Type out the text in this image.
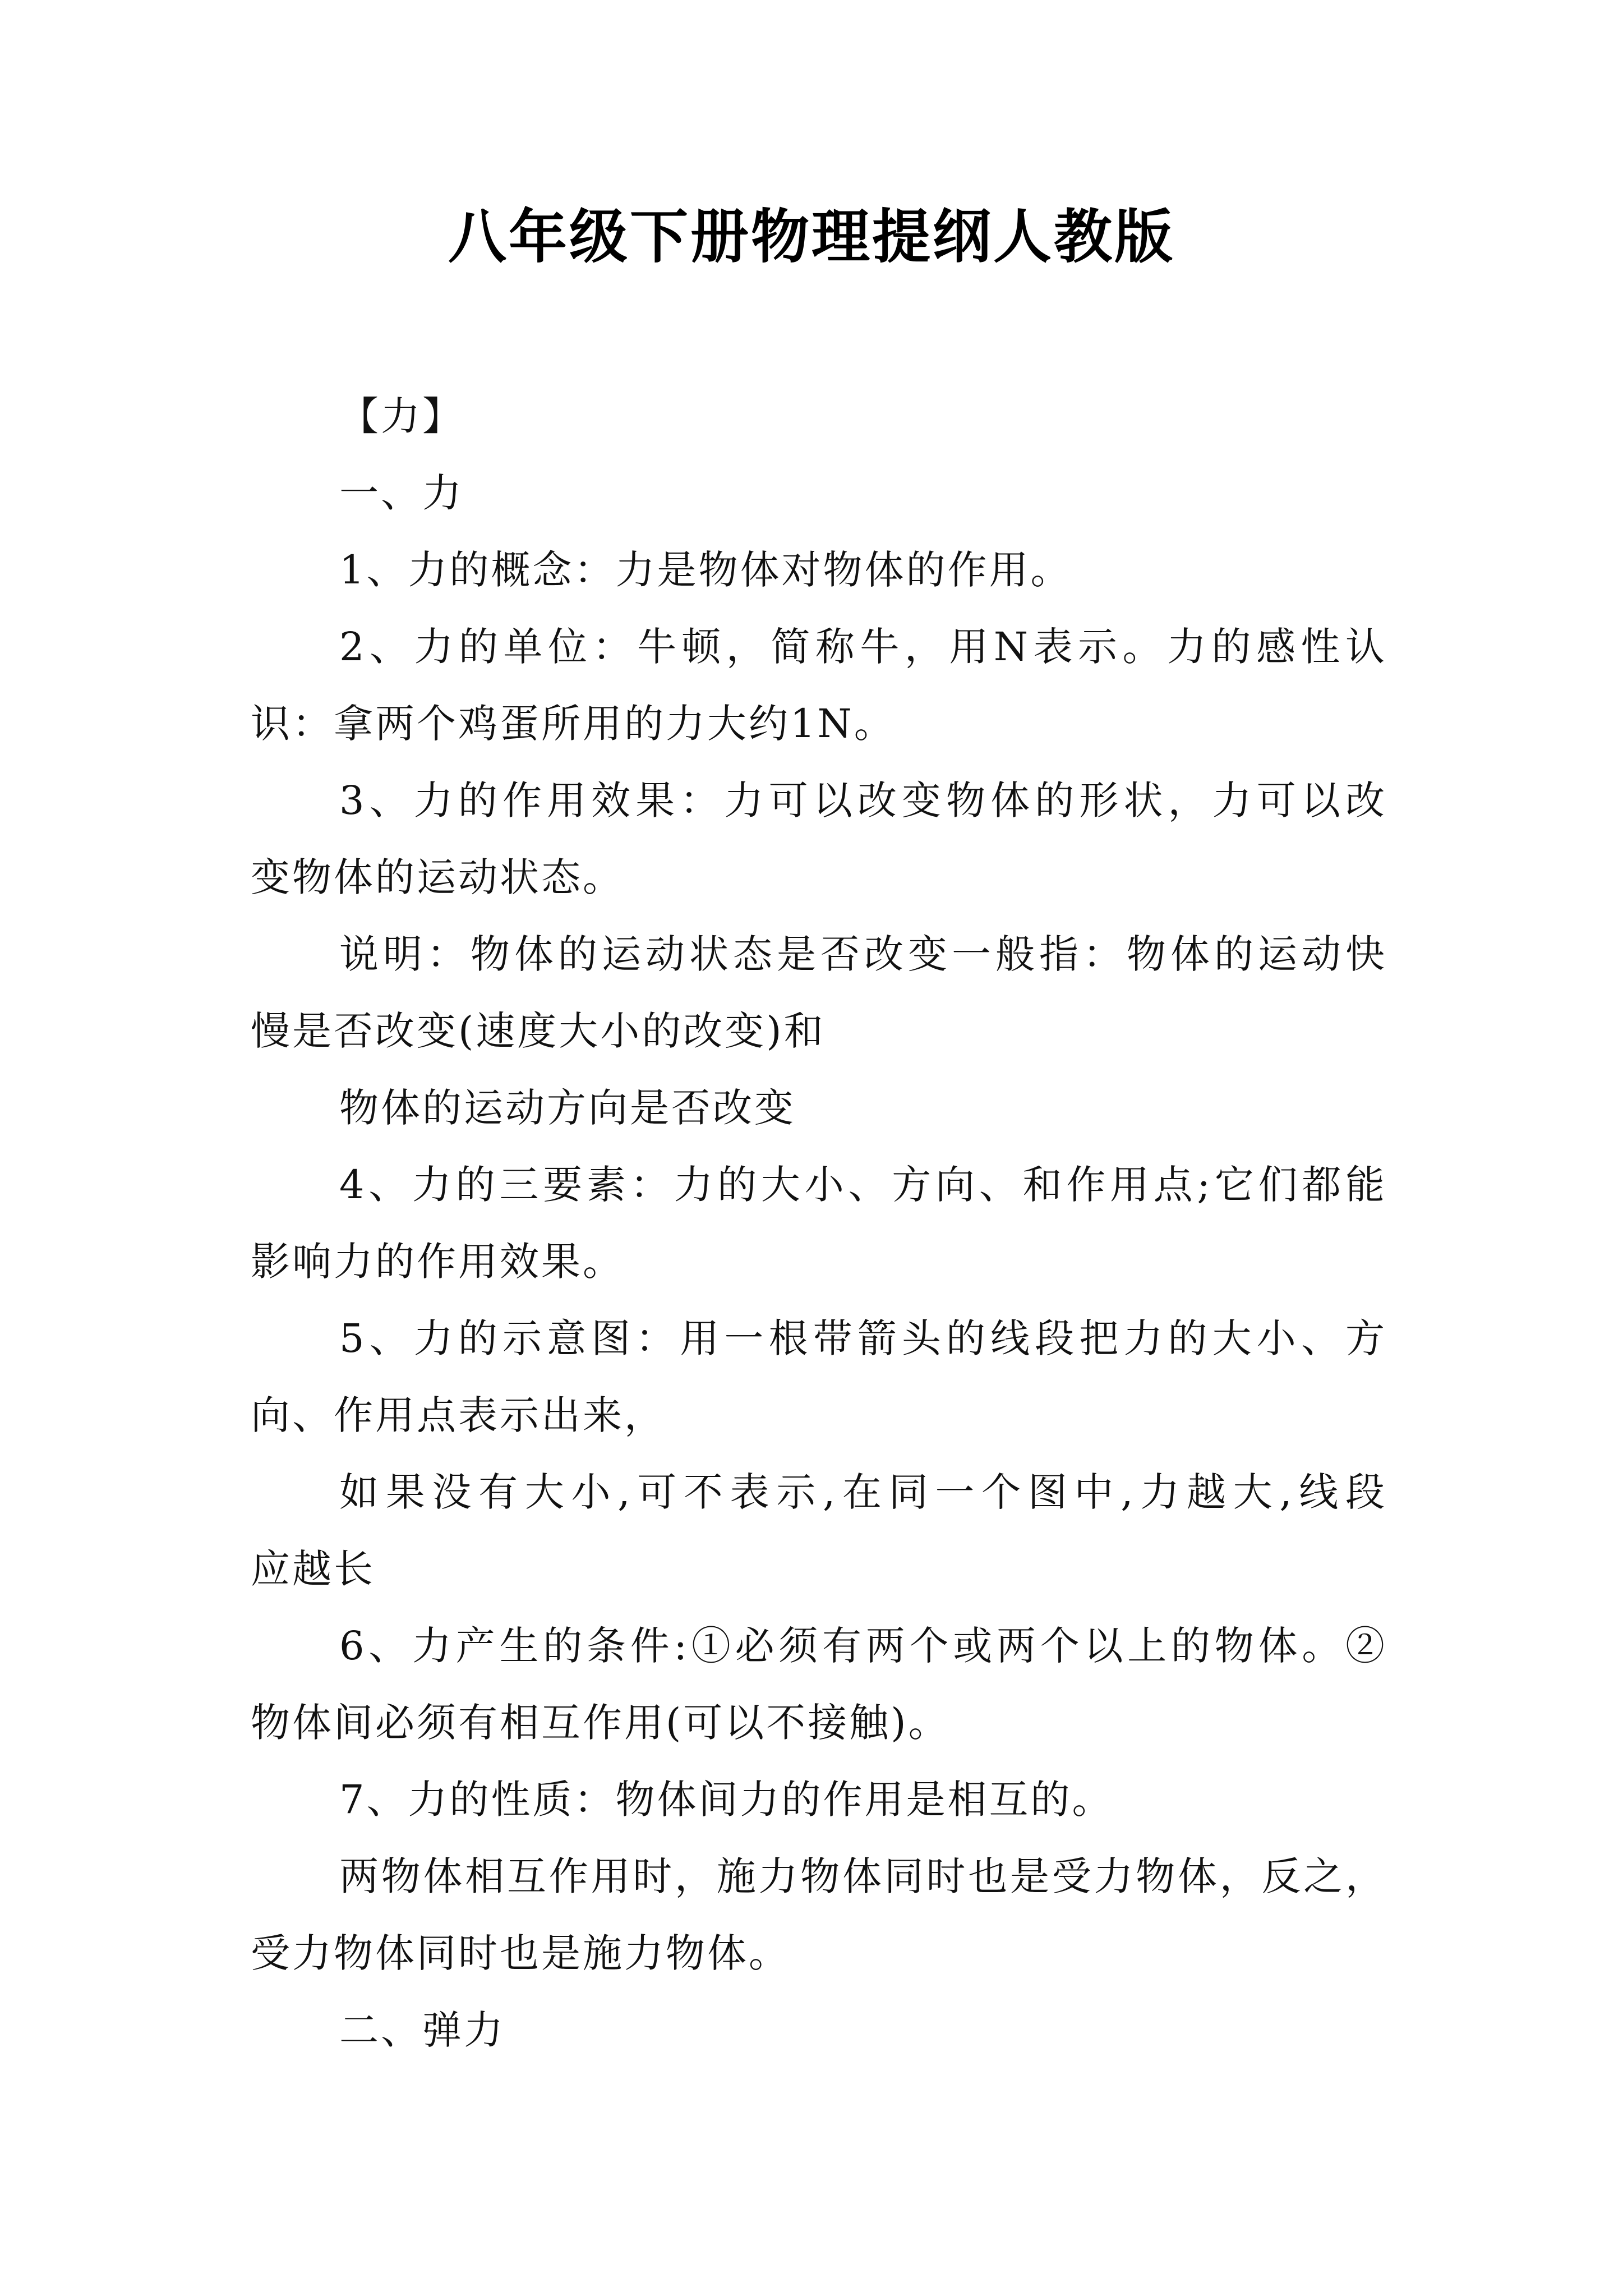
八年级下册物理提纲人教版
【力】
一、力
1、力的概念：力是物体对物体的作用。
2、力的单位：牛顿，简称牛，用N表示。力的感性认
识：拿两个鸡蛋所用的力大约1N。
3、力的作用效果：力可以改变物体的形状，力可以改
变物体的运动状态。
说明：物体的运动状态是否改变一般指：物体的运动快
慢是否改变(速度大小的改变)和
物体的运动方向是否改变
4、力的三要素：力的大小、方向、和作用点;它们都能
影响力的作用效果。
5、力的示意图：用一根带箭头的线段把力的大小、方
向、作用点表示出来，
如果没有大小,可不表示,在同一个图中,力越大,线段
应越长
6、力产生的条件:①必须有两个或两个以上的物体。②
物体间必须有相互作用(可以不接触)。
7、力的性质：物体间力的作用是相互的。
两物体相互作用时，施力物体同时也是受力物体，反之，
受力物体同时也是施力物体。
二、弹力
